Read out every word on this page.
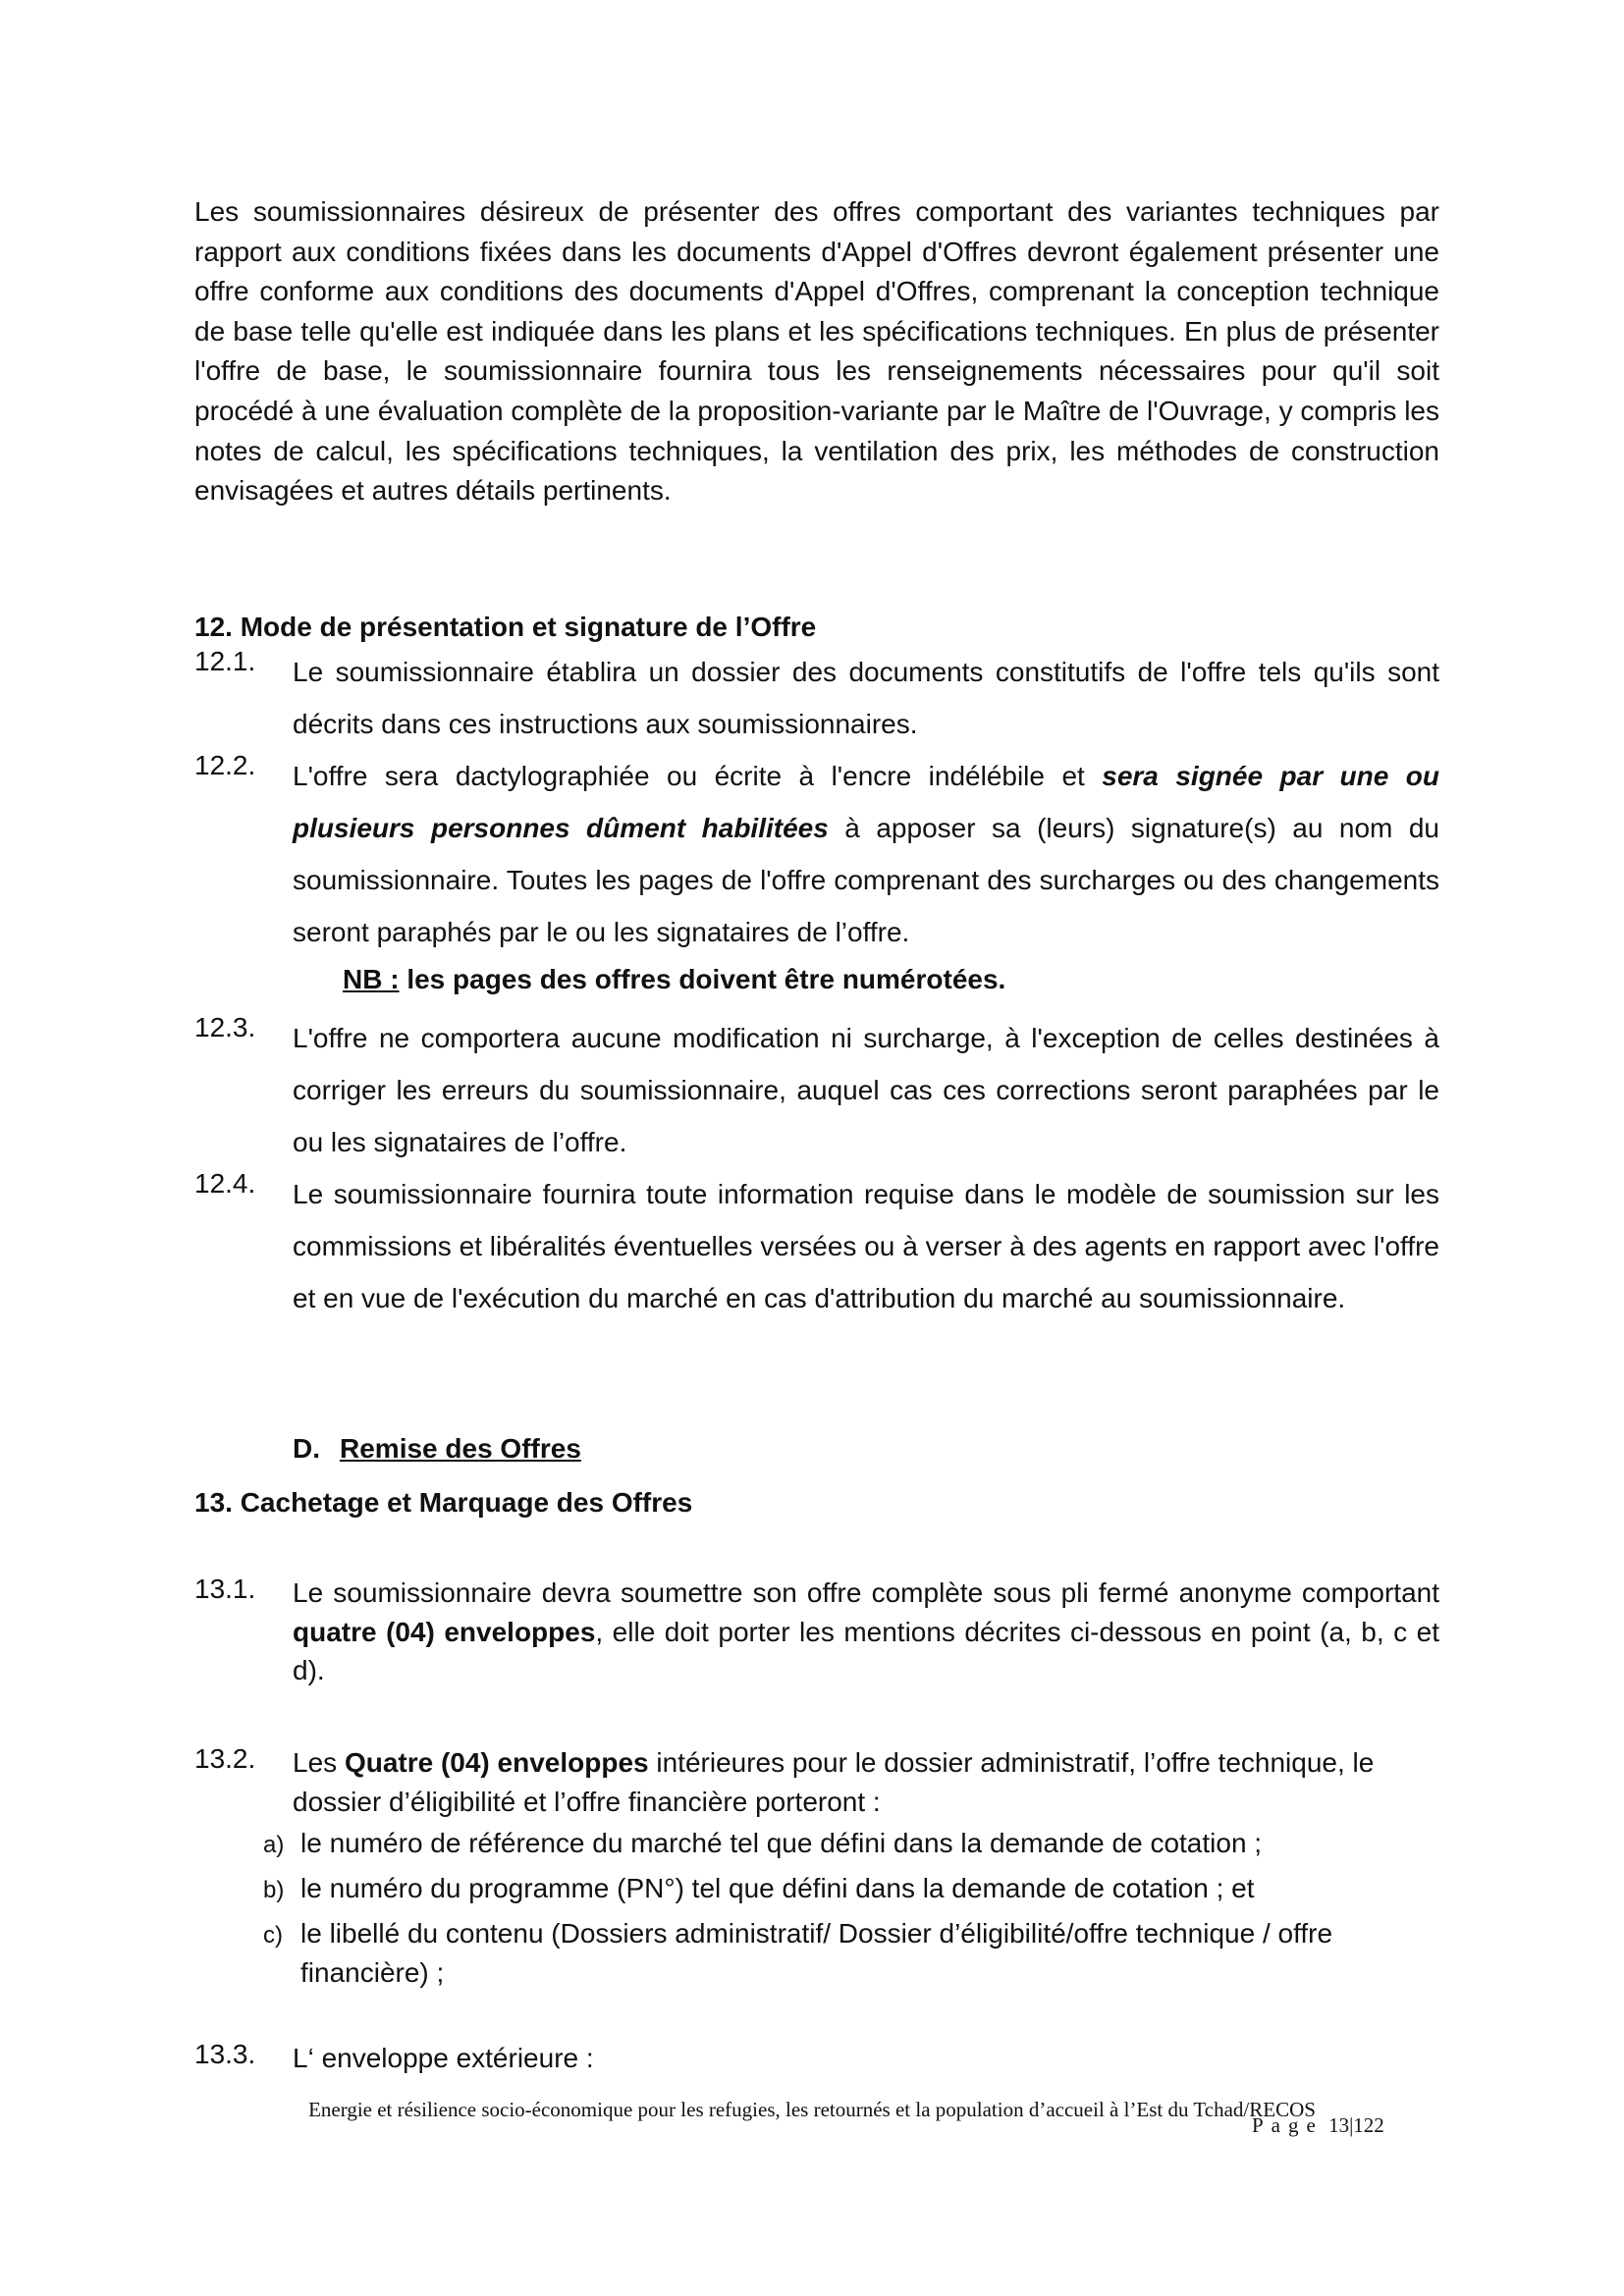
Les soumissionnaires désireux de présenter des offres comportant des variantes techniques par rapport aux conditions fixées dans les documents d'Appel d'Offres devront également présenter une offre conforme aux conditions des documents d'Appel d'Offres, comprenant la conception technique de base telle qu'elle est indiquée dans les plans et les spécifications techniques. En plus de présenter l'offre de base, le soumissionnaire fournira tous les renseignements nécessaires pour qu'il soit procédé à une évaluation complète de la proposition-variante par le Maître de l'Ouvrage, y compris les notes de calcul, les spécifications techniques, la ventilation des prix, les méthodes de construction envisagées et autres détails pertinents.

12. Mode de présentation et signature de l’Offre
12.1.	Le soumissionnaire établira un dossier des documents constitutifs de l'offre tels qu'ils sont décrits dans ces instructions aux soumissionnaires.
12.2.	L'offre sera dactylographiée ou écrite à l'encre indélébile et sera signée par une ou plusieurs personnes dûment habilitées à apposer sa (leurs) signature(s) au nom du soumissionnaire. Toutes les pages de l'offre comprenant des surcharges ou des changements seront paraphés par le ou les signataires de l’offre.
NB : les pages des offres doivent être numérotées.
12.3.	L'offre ne comportera aucune modification ni surcharge, à l'exception de celles destinées à corriger les erreurs du soumissionnaire, auquel cas ces corrections seront paraphées par le ou les signataires de l’offre.
12.4.	Le soumissionnaire fournira toute information requise dans le modèle de soumission sur les commissions et libéralités éventuelles versées ou à verser à des agents en rapport avec l'offre et en vue de l'exécution du marché en cas d'attribution du marché au soumissionnaire.
D. Remise des Offres
13. Cachetage et Marquage des Offres
13.1.	Le soumissionnaire devra soumettre son offre complète sous pli fermé anonyme comportant quatre (04) enveloppes, elle doit porter les mentions décrites ci-dessous en point (a, b, c et d).
13.2.	Les Quatre (04) enveloppes intérieures pour le dossier administratif, l’offre technique, le dossier d’éligibilité et l’offre financière porteront :
a) le numéro de référence du marché tel que défini dans la demande de cotation ;
b) le numéro du programme (PN°) tel que défini dans la demande de cotation ; et
c) le libellé du contenu (Dossiers administratif/ Dossier d’éligibilité/offre technique / offre financière) ;
13.3.	L‘ enveloppe extérieure :
Energie et résilience socio-économique pour les refugies, les retournés et la population d’accueil à l’Est du Tchad/RECOS
Page 13|122
